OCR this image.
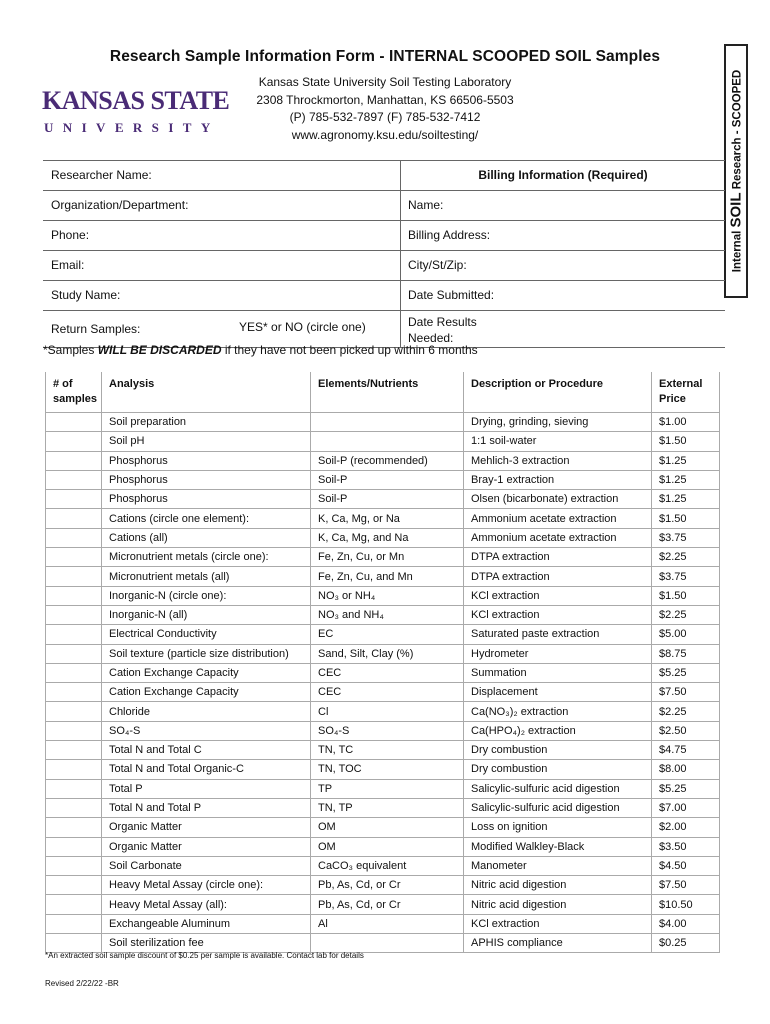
Research Sample Information Form - INTERNAL SCOOPED SOIL Samples
Kansas State University Soil Testing Laboratory
2308 Throckmorton, Manhattan, KS 66506-5503
(P) 785-532-7897 (F) 785-532-7412
www.agronomy.ksu.edu/soiltesting/
KANSAS STATE
UNIVERSITY
Internal SOIL Research - SCOOPED
Researcher Name:	Billing Information (Required)
Organization/Department:	Name:
Phone:	Billing Address:
Email:	City/St/Zip:
Study Name:	Date Submitted:
Return Samples:	YES* or NO (circle one)	Date Results
Needed:
*Samples WILL BE DISCARDED if they have not been picked up within 6 months
# of
samples	Analysis	Elements/Nutrients	Description or Procedure	External
Price
	Soil preparation		Drying, grinding, sieving	$1.00
	Soil pH		1:1 soil-water	$1.50
	Phosphorus	Soil-P (recommended)	Mehlich-3 extraction	$1.25
	Phosphorus	Soil-P	Bray-1 extraction	$1.25
	Phosphorus	Soil-P	Olsen (bicarbonate) extraction	$1.25
	Cations (circle one element):	K, Ca, Mg, or Na	Ammonium acetate extraction	$1.50
	Cations (all)	K, Ca, Mg, and Na	Ammonium acetate extraction	$3.75
	Micronutrient metals (circle one):	Fe, Zn, Cu, or Mn	DTPA extraction	$2.25
	Micronutrient metals (all)	Fe, Zn, Cu, and Mn	DTPA extraction	$3.75
	Inorganic-N (circle one):	NO₃ or NH₄	KCl extraction	$1.50
	Inorganic-N (all)	NO₃ and NH₄	KCl extraction	$2.25
	Electrical Conductivity	EC	Saturated paste extraction	$5.00
	Soil texture (particle size distribution)	Sand, Silt, Clay (%)	Hydrometer	$8.75
	Cation Exchange Capacity	CEC	Summation	$5.25
	Cation Exchange Capacity	CEC	Displacement	$7.50
	Chloride	Cl	Ca(NO₃)₂ extraction	$2.25
	SO₄-S	SO₄-S	Ca(HPO₄)₂ extraction	$2.50
	Total N and Total C	TN, TC	Dry combustion	$4.75
	Total N and Total Organic-C	TN, TOC	Dry combustion	$8.00
	Total P	TP	Salicylic-sulfuric acid digestion	$5.25
	Total N and Total P	TN, TP	Salicylic-sulfuric acid digestion	$7.00
	Organic Matter	OM	Loss on ignition	$2.00
	Organic Matter	OM	Modified Walkley-Black	$3.50
	Soil Carbonate	CaCO₃ equivalent	Manometer	$4.50
	Heavy Metal Assay (circle one):	Pb, As, Cd, or Cr	Nitric acid digestion	$7.50
	Heavy Metal Assay (all):	Pb, As, Cd, or Cr	Nitric acid digestion	$10.50
	Exchangeable Aluminum	Al	KCl extraction	$4.00
	Soil sterilization fee		APHIS compliance	$0.25
*An extracted soil sample discount of $0.25 per sample is available. Contact lab for details
Revised 2/22/22 -BR
